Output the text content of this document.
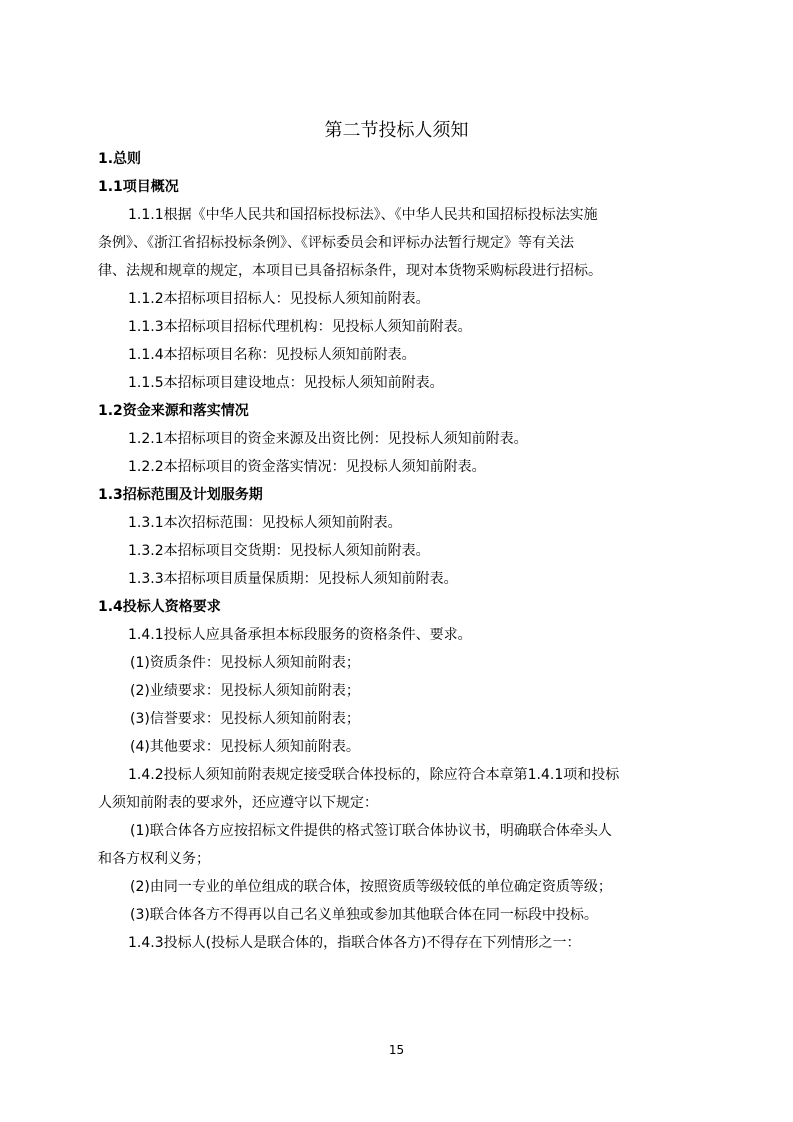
第二节投标人须知
1.总则
1.1项目概况
1.1.1根据《中华人民共和国招标投标法》、《中华人民共和国招标投标法实施
条例》、《浙江省招标投标条例》、《评标委员会和评标办法暂行规定》等有关法
律、法规和规章的规定，本项目已具备招标条件，现对本货物采购标段进行招标。
1.1.2本招标项目招标人：见投标人须知前附表。
1.1.3本招标项目招标代理机构：见投标人须知前附表。
1.1.4本招标项目名称：见投标人须知前附表。
1.1.5本招标项目建设地点：见投标人须知前附表。
1.2资金来源和落实情况
1.2.1本招标项目的资金来源及出资比例：见投标人须知前附表。
1.2.2本招标项目的资金落实情况：见投标人须知前附表。
1.3招标范围及计划服务期
1.3.1本次招标范围：见投标人须知前附表。
1.3.2本招标项目交货期：见投标人须知前附表。
1.3.3本招标项目质量保质期：见投标人须知前附表。
1.4投标人资格要求
1.4.1投标人应具备承担本标段服务的资格条件、要求。
(1)资质条件：见投标人须知前附表；
(2)业绩要求：见投标人须知前附表；
(3)信誉要求：见投标人须知前附表；
(4)其他要求：见投标人须知前附表。
1.4.2投标人须知前附表规定接受联合体投标的，除应符合本章第1.4.1项和投标
人须知前附表的要求外，还应遵守以下规定：
(1)联合体各方应按招标文件提供的格式签订联合体协议书，明确联合体牵头人
和各方权利义务；
(2)由同一专业的单位组成的联合体，按照资质等级较低的单位确定资质等级；
(3)联合体各方不得再以自己名义单独或参加其他联合体在同一标段中投标。
1.4.3投标人(投标人是联合体的，指联合体各方)不得存在下列情形之一：
15
